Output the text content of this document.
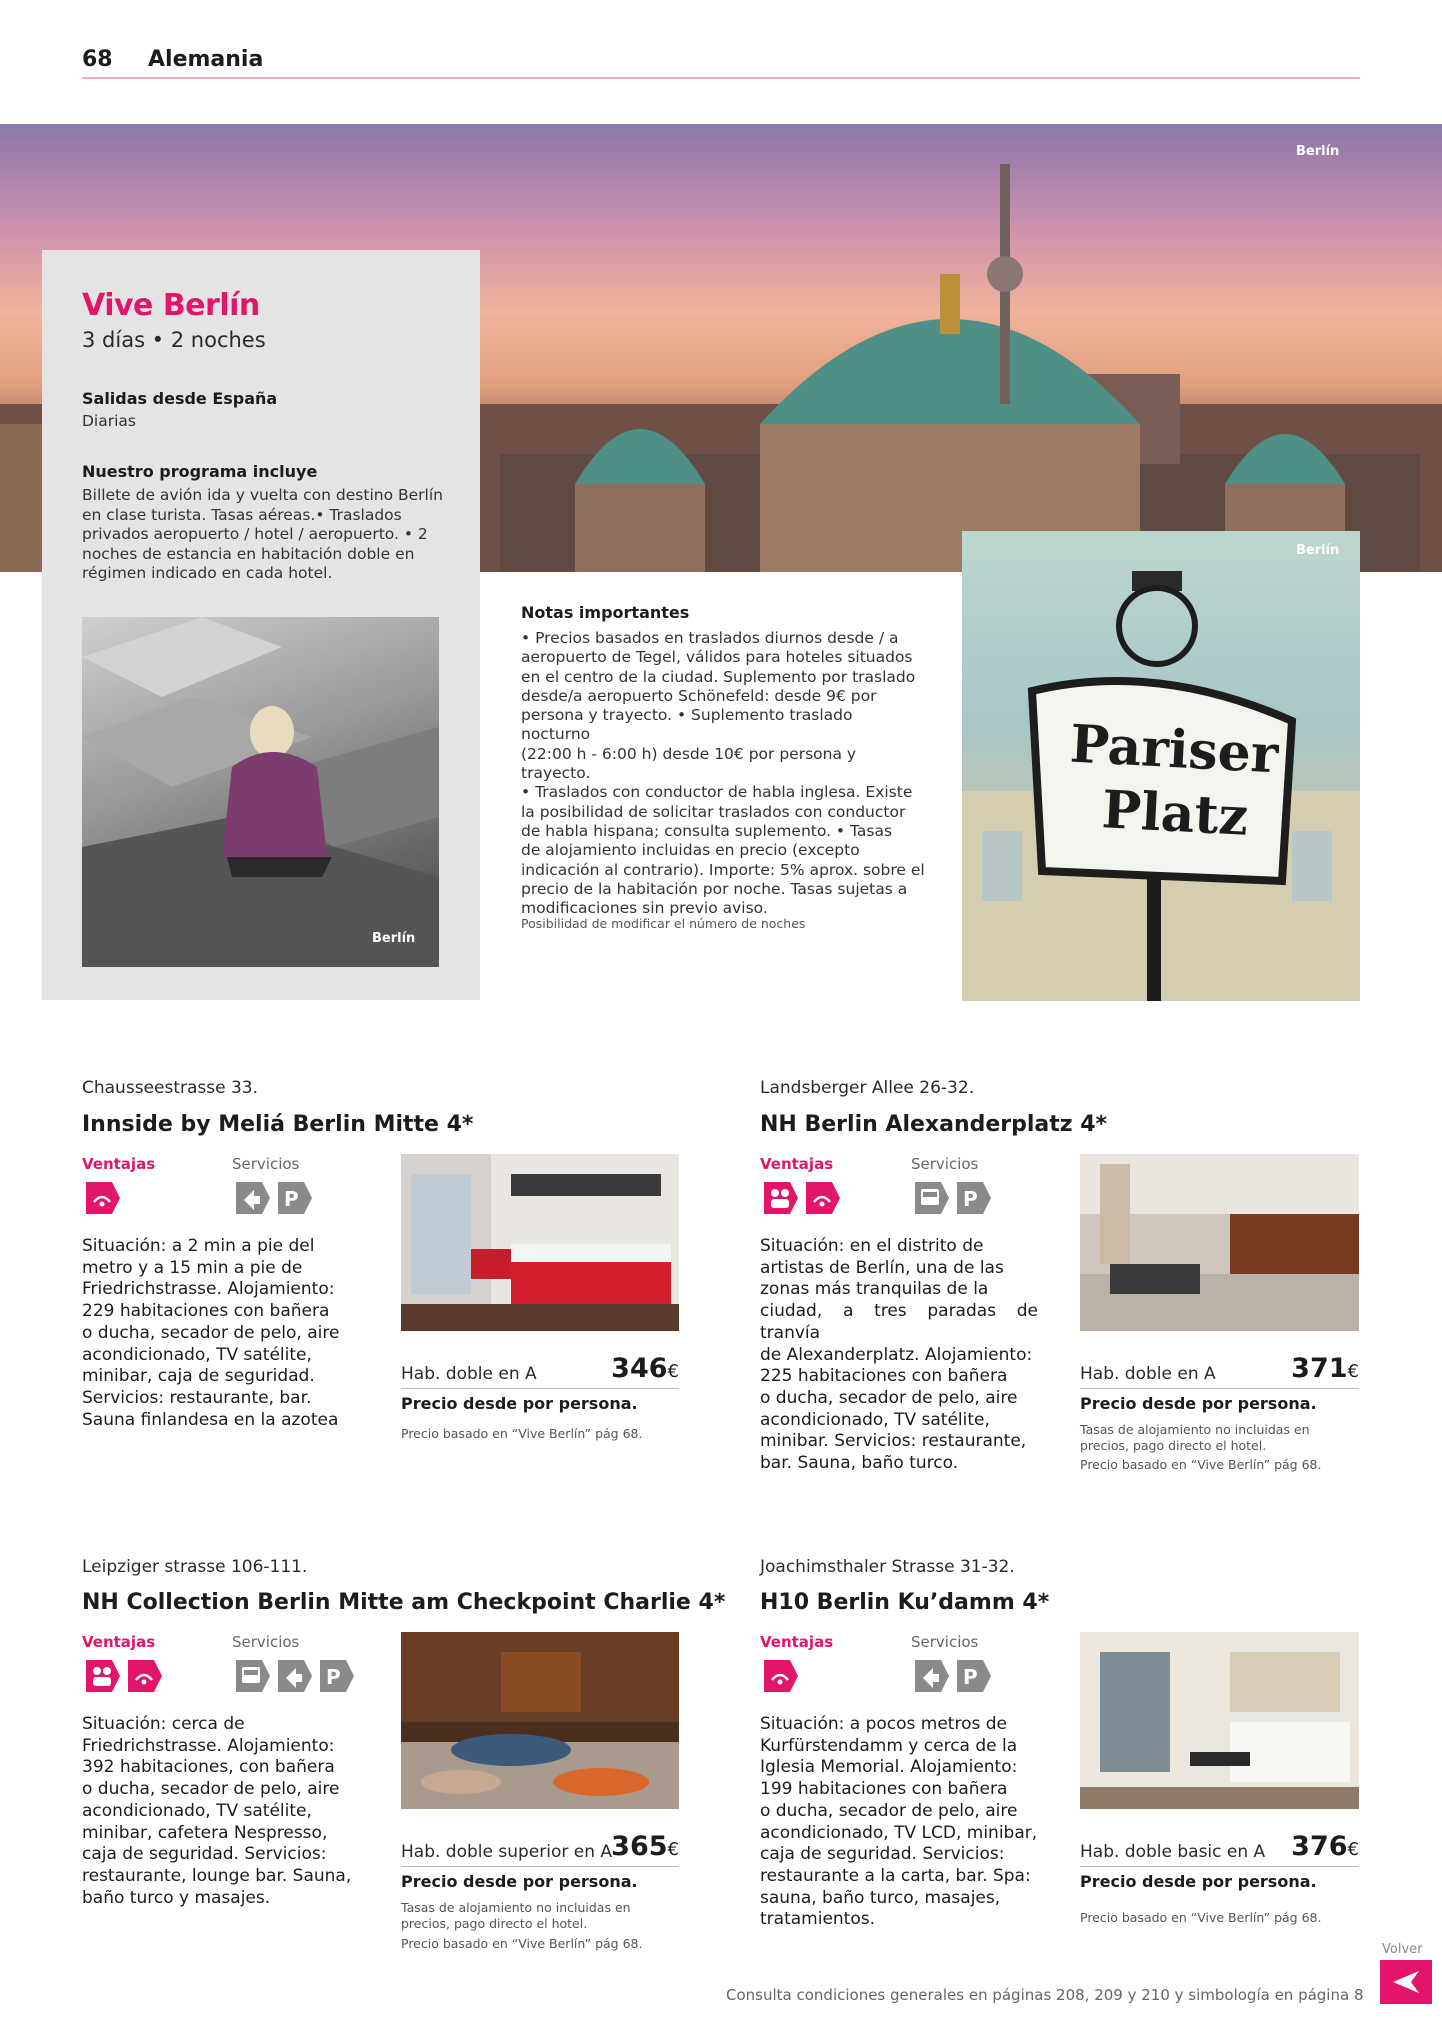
68 Alemania
Berlín
Vive Berlín
3 días • 2 noches
Salidas desde España
Diarias
Nuestro programa incluye
Billete de avión ida y vuelta con destino Berlín
en clase turista. Tasas aéreas.• Traslados
privados aeropuerto / hotel / aeropuerto. • 2
noches de estancia en habitación doble en
régimen indicado en cada hotel.
Berlín
Notas importantes
• Precios basados en traslados diurnos desde / a
aeropuerto de Tegel, válidos para hoteles situados
en el centro de la ciudad. Suplemento por traslado
desde/a aeropuerto Schönefeld: desde 9€ por
persona y trayecto. • Suplemento traslado nocturno
(22:00 h - 6:00 h) desde 10€ por persona y trayecto.
• Traslados con conductor de habla inglesa. Existe
la posibilidad de solicitar traslados con conductor
de habla hispana; consulta suplemento. • Tasas
de alojamiento incluidas en precio (excepto
indicación al contrario). Importe: 5% aprox. sobre el
precio de la habitación por noche. Tasas sujetas a
modificaciones sin previo aviso.
Posibilidad de modificar el número de noches
Pariser
Platz
Berlín
Chausseestrasse 33.
Innside by Meliá Berlin Mitte 4*
Ventajas	Servicios
P
Situación: a 2 min a pie del
metro y a 15 min a pie de
Friedrichstrasse. Alojamiento:
229 habitaciones con bañera
o ducha, secador de pelo, aire
acondicionado, TV satélite,
minibar, caja de seguridad.
Servicios: restaurante, bar.
Sauna finlandesa en la azotea
Hab. doble en A	346€
Precio desde por persona.
Precio basado en “Vive Berlín” pág 68.
Landsberger Allee 26-32.
NH Berlin Alexanderplatz 4*
Ventajas	Servicios
P
Situación: en el distrito de
artistas de Berlín, una de las
zonas más tranquilas de la
ciudad, a tres paradas de tranvía
de Alexanderplatz. Alojamiento:
225 habitaciones con bañera
o ducha, secador de pelo, aire
acondicionado, TV satélite,
minibar. Servicios: restaurante,
bar. Sauna, baño turco.
Hab. doble en A	371€
Precio desde por persona.
Tasas de alojamiento no incluidas en
precios, pago directo el hotel.
Precio basado en “Vive Berlín” pág 68.
Leipziger strasse 106-111.
NH Collection Berlin Mitte am Checkpoint Charlie 4*
Ventajas	Servicios
P
Situación: cerca de
Friedrichstrasse. Alojamiento:
392 habitaciones, con bañera
o ducha, secador de pelo, aire
acondicionado, TV satélite,
minibar, cafetera Nespresso,
caja de seguridad. Servicios:
restaurante, lounge bar. Sauna,
baño turco y masajes.
Hab. doble superior en A 365€
Precio desde por persona.
Tasas de alojamiento no incluidas en
precios, pago directo el hotel.
Precio basado en “Vive Berlín” pág 68.
Joachimsthaler Strasse 31-32.
H10 Berlin Ku’damm 4*
Ventajas	Servicios
P
Situación: a pocos metros de
Kurfürstendamm y cerca de la
Iglesia Memorial. Alojamiento:
199 habitaciones con bañera
o ducha, secador de pelo, aire
acondicionado, TV LCD, minibar,
caja de seguridad. Servicios:
restaurante a la carta, bar. Spa:
sauna, baño turco, masajes,
tratamientos.
Hab. doble basic en A 376€
Precio desde por persona.
Precio basado en “Vive Berlín” pág 68.
Consulta condiciones generales en páginas 208, 209 y 210 y simbología en página 8
Volver
